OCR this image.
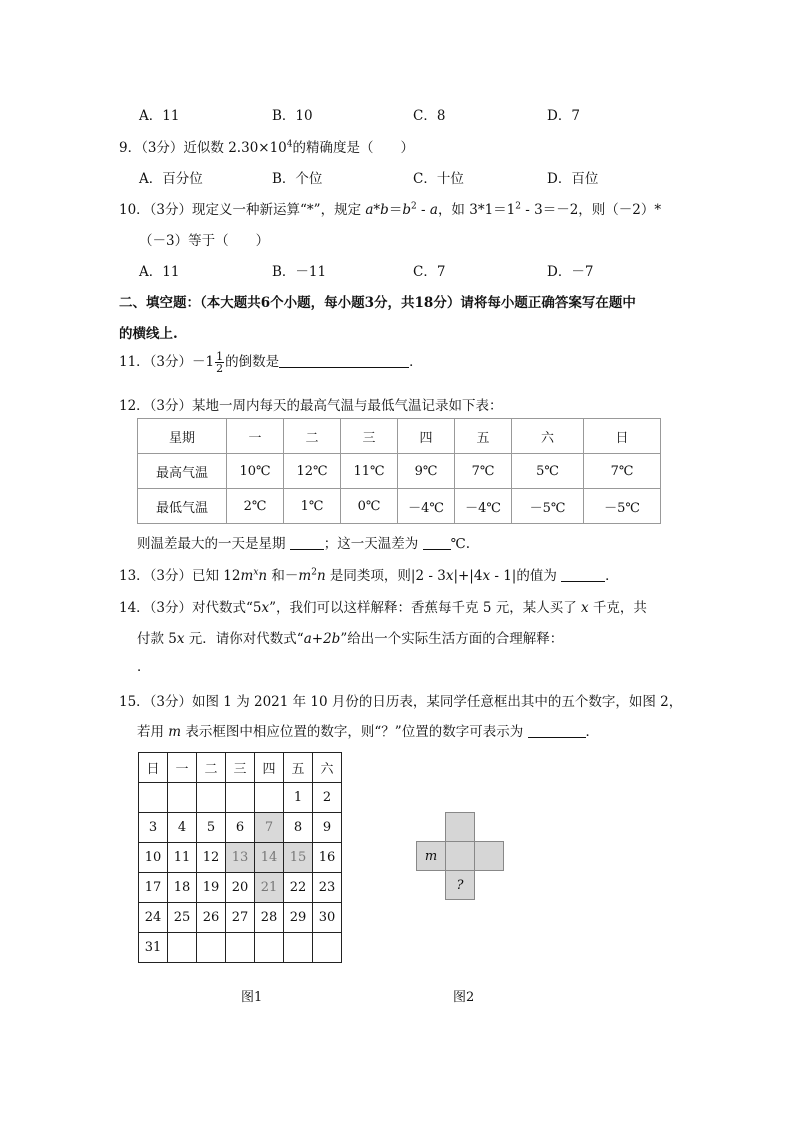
A．11	B．10	C．8	D．7
9．（3分）近似数 $2.30\times 10^4$的精确度是（　　）
A．百分位	B．个位	C．十位	D．百位
10．（3分）现定义一种新运算“*”，规定 $a*b=b^2 - a$，如 $3*1=1^2 - 3=-2$，则（－2）*
（－3）等于（　　）
A．11	B．－11	C．7	D．－7
二、填空题：（本大题共6个小题，每小题3分，共18分）请将每小题正确答案写在题中
的横线上.
11．（3分）$-1 \frac{1}{2}$ 的倒数是	．
12．（3分）某地一周内每天的最高气温与最低气温记录如下表：
星期	一	二	三	四	五	六	日
最高气温	10℃	12℃	11℃	9℃	7℃	5℃	7℃
最低气温	2℃	1℃	0℃	－4℃	－4℃	－5℃	－5℃
则温差最大的一天是星期	；这一天温差为 ℃.
13．（3分）已知 $12m^xn$ 和$-m^2n$ 是同类项，则|2 - 3x|+|4x - 1|的值为	．
14．（3分）对代数式“5x”，我们可以这样解释：香蕉每千克 5 元，某人买了 x 千克，共
付款 5x 元．请你对代数式“a+2b”给出一个实际生活方面的合理解释：
．
15．（3分）如图 1 为 2021 年 10 月份的日历表，某同学任意框出其中的五个数字，如图 2，
若用 m 表示框图中相应位置的数字，则“？”位置的数字可表示为	．
日	一	二	三	四	五	六
					1	2
3	4	5	6	7	8	9
10	11	12	13	14	15	16
17	18	19	20	21	22	23
24	25	26	27	28	29	30
31						
图1
m
?
图2
